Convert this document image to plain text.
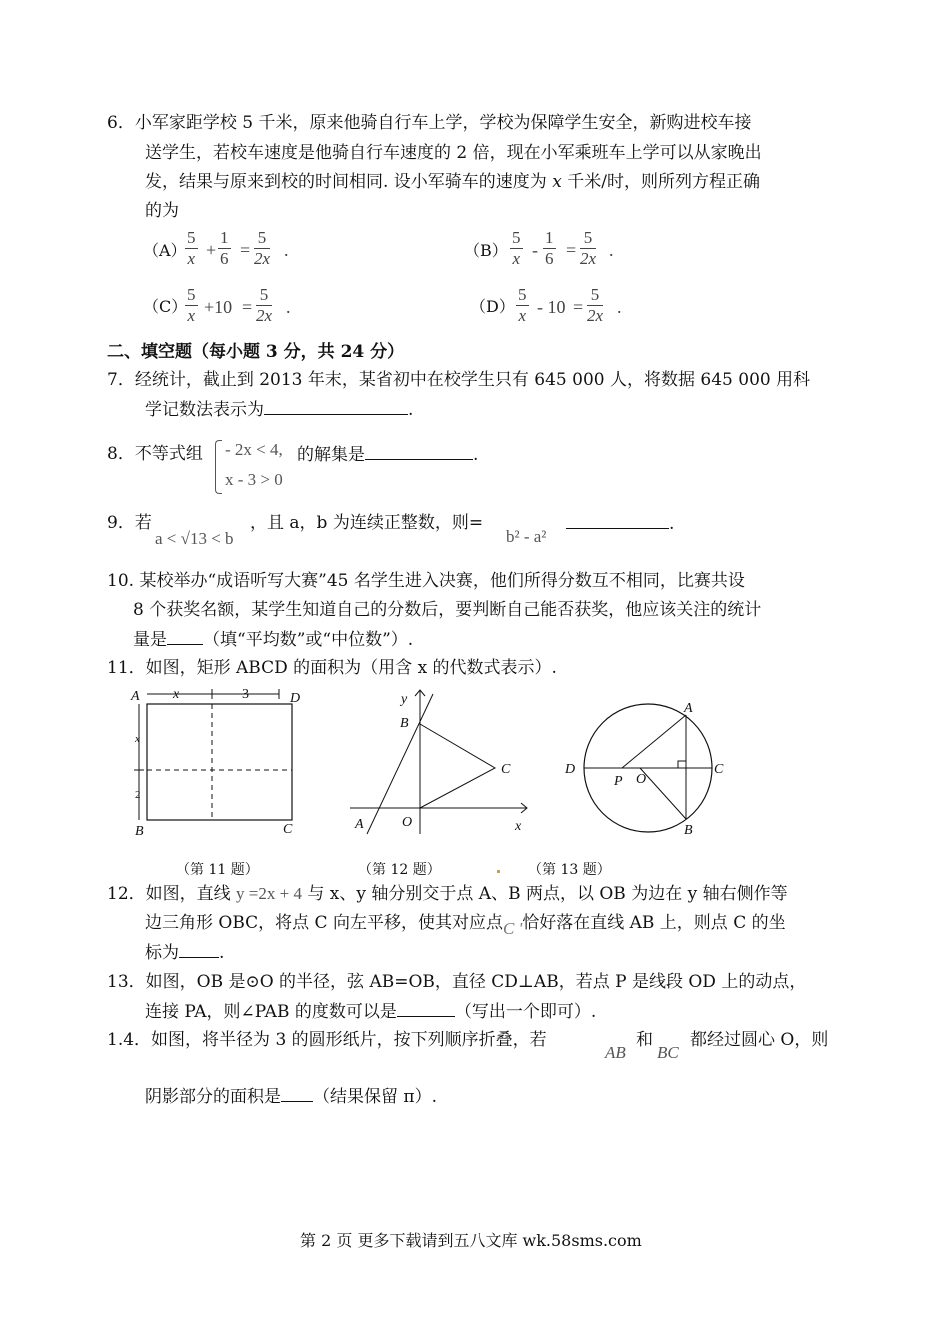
6．小军家距学校 5 千米，原来他骑自行车上学，学校为保障学生安全，新购进校车接
送学生，若校车速度是他骑自行车速度的 2 倍，现在小军乘班车上学可以从家晚出
发，结果与原来到校的时间相同. 设小军骑车的速度为 x 千米/时，则所列方程正确
的为
（A）
$\frac{5}{x} + \frac{1}{6} = \frac{5}{2x}$ .	$(B) \frac{5}{x} - \frac{1}{6} = \frac{5}{2x}$ .
（C）
$\frac{5}{x} +10 = \frac{5}{2x}$ .	$(D) \frac{5}{x} - 10 = \frac{5}{2x}$ .
二、填空题（每小题 3 分，共 24 分）
7．经统计，截止到 2013 年末，某省初中在校学生只有 645 000 人，将数据 645 000 用科
学记数法表示为	.
8．不等式组 - 2x < 4,
x - 3 > 0
的解集是	.
9．若
a < √13 < b
，且 a，b 为连续正整数，则=
b² - a²
.
10. 某校举办“成语听写大赛”45 名学生进入决赛，他们所得分数互不相同，比赛共设
8 个获奖名额，某学生知道自己的分数后，要判断自己能否获奖，他应该关注的统计
量是 （填“平均数”或“中位数”）.
11．如图，矩形 ABCD 的面积为（用含 x 的代数式表示）.
A	D
B	C
x	3
x
2
y
x
B
C
A	O
A
B
C
D
P O
（第 11 题）	（第 12 题）	（第 13 题）
12．如图，直线 y =2x + 4 与 x、y 轴分别交于点 A、B 两点，以 OB 为边在 y 轴右侧作等
边三角形 OBC，将点 C 向左平移，使其对应点C '恰好落在直线 AB 上，则点 C 的坐
标为 .
13．如图，OB 是⊙O 的半径，弦 AB=OB，直径 CD⊥AB，若点 P 是线段 OD 上的动点，
连接 PA，则∠PAB 的度数可以是	（写出一个即可）.
1.4．如图，将半径为 3 的圆形纸片，按下列顺序折叠，若
AB
和
BC
都经过圆心 O，则
阴影部分的面积是 （结果保留 π）.
第 2 页 更多下载请到五八文库 wk.58sms.com
